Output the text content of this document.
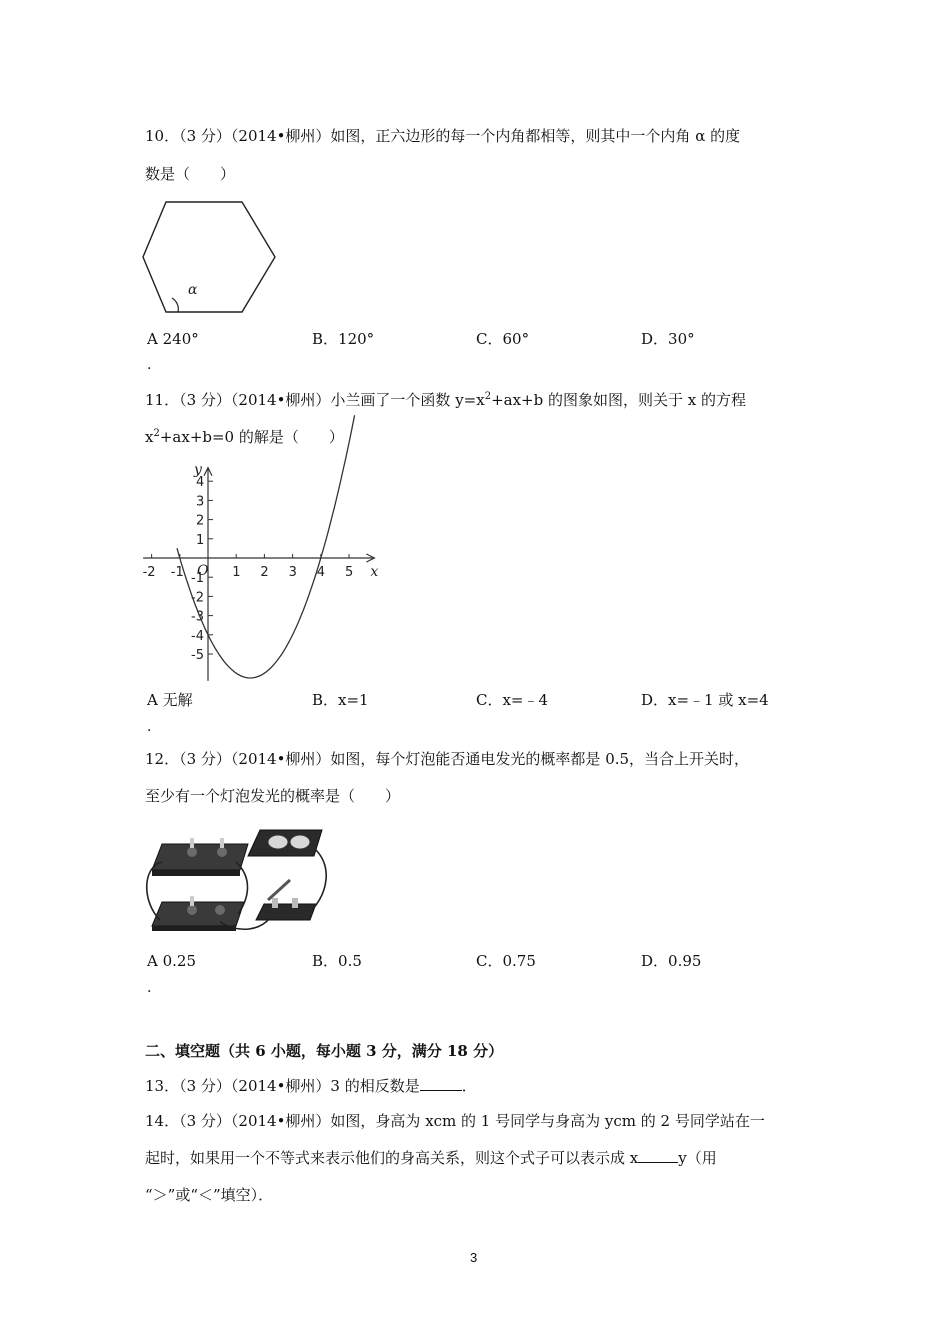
10．（3 分）（2014•柳州）如图，正六边形的每一个内角都相等，则其中一个内角 α 的度
数是（　　）
α
A 240°	B．120°	C．60°	D．30°
.
11．（3 分）（2014•柳州）小兰画了一个函数 $y=x^2+ax+b$ 的图象如图，则关于 x 的方程
$x^2+ax+b=0$ 的解是（　　）
x
y
O
-2 -1	1 2 3 4 5
4
3
2
1
-1
-2
-3
-4
-5
A 无解	B．x=1	C．x=﹣4	D．x=﹣1 或 x=4
.
12．（3 分）（2014•柳州）如图，每个灯泡能否通电发光的概率都是 0.5，当合上开关时，
至少有一个灯泡发光的概率是（　　）
A 0.25	B．0.5	C．0.75	D．0.95
.
二、填空题（共 6 小题，每小题 3 分，满分 18 分）
13．（3 分）（2014•柳州）3 的相反数是	．
14．（3 分）（2014•柳州）如图，身高为 xcm 的 1 号同学与身高为 ycm 的 2 号同学站在一
起时，如果用一个不等式来表示他们的身高关系，则这个式子可以表示成 x	y（用
“＞”或“＜”填空）．
3
